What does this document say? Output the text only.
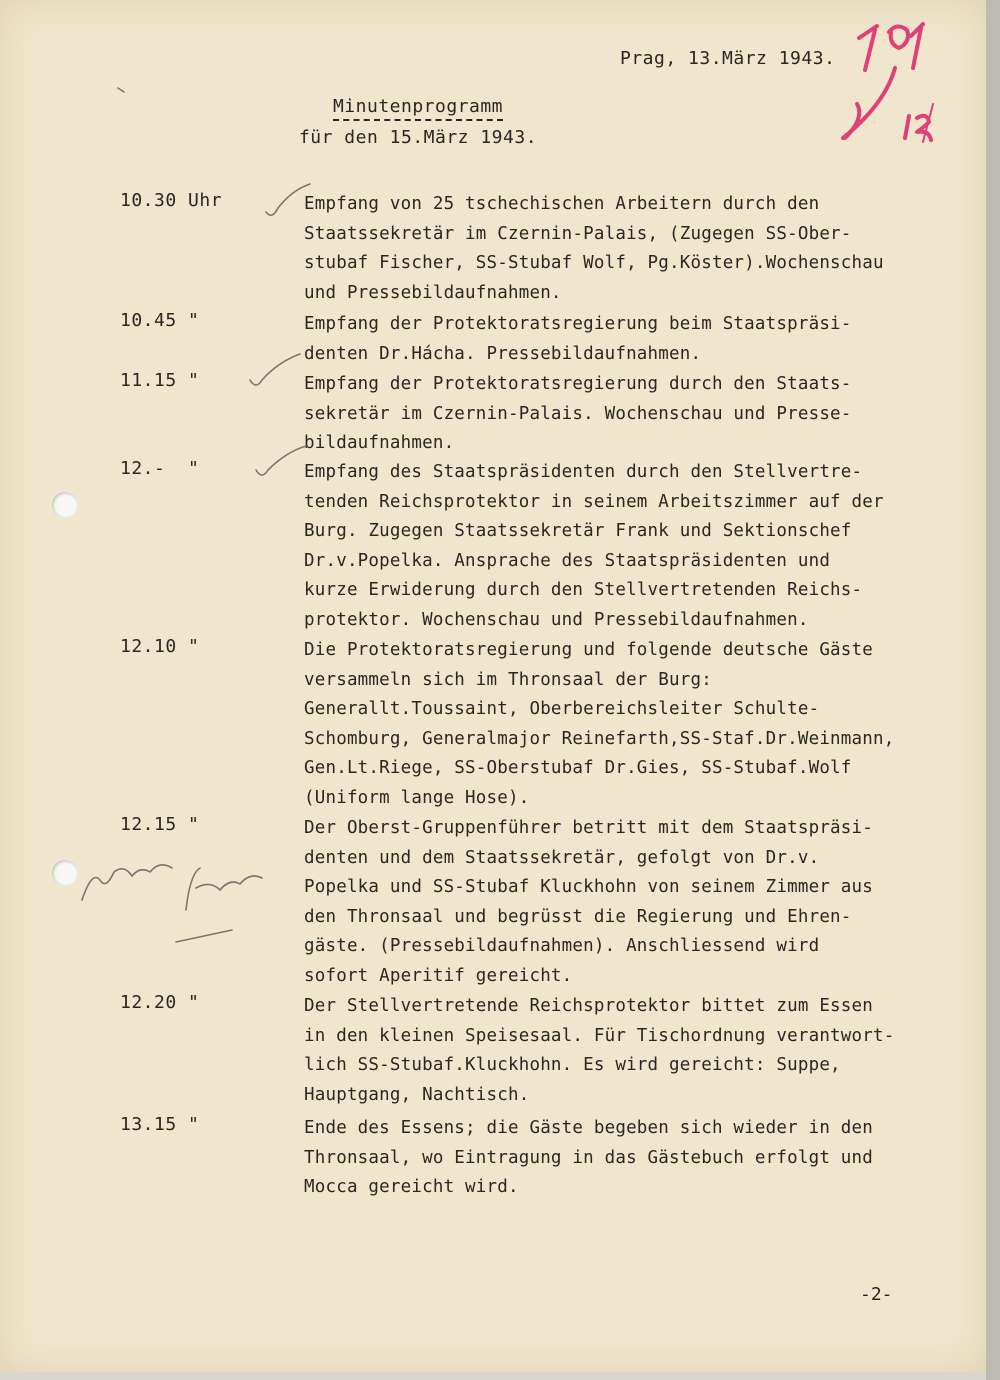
Prag, 13.März 1943.
Minutenprogramm
für den 15.März 1943.
10.30 Uhr	Empfang von 25 tschechischen Arbeitern durch den
Staatssekretär im Czernin-Palais, (Zugegen SS-Ober-
stubaf Fischer, SS-Stubaf Wolf, Pg.Köster).Wochenschau
und Pressebildaufnahmen.
10.45 "	Empfang der Protektoratsregierung beim Staatspräsi-
denten Dr.Hácha. Pressebildaufnahmen.
11.15 "	Empfang der Protektoratsregierung durch den Staats-
sekretär im Czernin-Palais. Wochenschau und Presse-
bildaufnahmen.
12.-  "	Empfang des Staatspräsidenten durch den Stellvertre-
tenden Reichsprotektor in seinem Arbeitszimmer auf der
Burg. Zugegen Staatssekretär Frank und Sektionschef
Dr.v.Popelka. Ansprache des Staatspräsidenten und
kurze Erwiderung durch den Stellvertretenden Reichs-
protektor. Wochenschau und Pressebildaufnahmen.
12.10 "	Die Protektoratsregierung und folgende deutsche Gäste
versammeln sich im Thronsaal der Burg:
Generallt.Toussaint, Oberbereichsleiter Schulte-
Schomburg, Generalmajor Reinefarth,SS-Staf.Dr.Weinmann,
Gen.Lt.Riege, SS-Oberstubaf Dr.Gies, SS-Stubaf.Wolf
(Uniform lange Hose).
12.15 "	Der Oberst-Gruppenführer betritt mit dem Staatspräsi-
denten und dem Staatssekretär, gefolgt von Dr.v.
Popelka und SS-Stubaf Kluckhohn von seinem Zimmer aus
den Thronsaal und begrüsst die Regierung und Ehren-
gäste. (Pressebildaufnahmen). Anschliessend wird
sofort Aperitif gereicht.
12.20 "	Der Stellvertretende Reichsprotektor bittet zum Essen
in den kleinen Speisesaal. Für Tischordnung verantwort-
lich SS-Stubaf.Kluckhohn. Es wird gereicht: Suppe,
Hauptgang, Nachtisch.
13.15 "	Ende des Essens; die Gäste begeben sich wieder in den
Thronsaal, wo Eintragung in das Gästebuch erfolgt und
Mocca gereicht wird.
-2-
